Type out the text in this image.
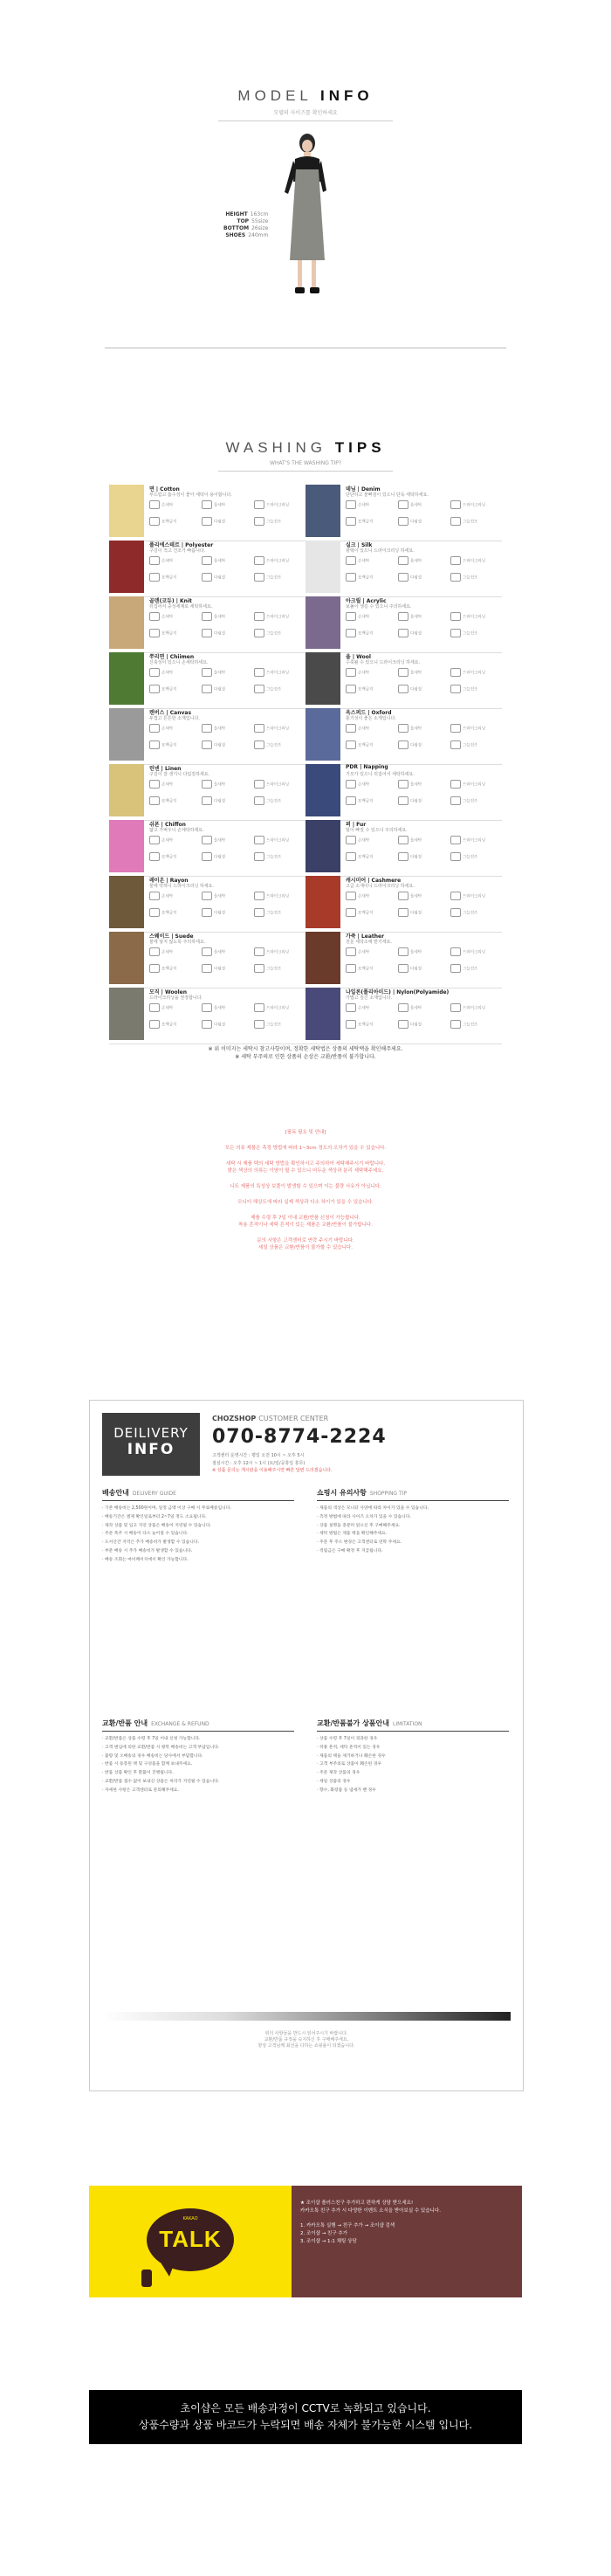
MODEL INFO
모델의 사이즈를 확인하세요
HEIGHT 163cm
TOP 55size
BOTTOM 26size
SHOES 240mm
WASHING TIPS
WHAT'S THE WASHING TIP?
면 | Cotton
부드럽고 흡수성이 좋아 세탁이 용이합니다.
손세탁	울세탁	드라이크리닝표백금지	다림질	그늘건조
데님 | Denim
단단하고 물빠짐이 있으니 단독 세탁하세요.
손세탁	울세탁	드라이크리닝표백금지	다림질	그늘건조
폴리에스테르 | Polyester
구김이 적고 건조가 빠릅니다.
손세탁	울세탁	드라이크리닝표백금지	다림질	그늘건조
실크 | Silk
광택이 있으니 드라이크리닝 하세요.
손세탁	울세탁	드라이크리닝표백금지	다림질	그늘건조
골덴(코듀) | Knit
뒤집어서 중성세제로 세탁하세요.
손세탁	울세탁	드라이크리닝표백금지	다림질	그늘건조
아크릴 | Acrylic
보풀이 생길 수 있으니 주의하세요.
손세탁	울세탁	드라이크리닝표백금지	다림질	그늘건조
쭈리면 | Chiimen
신축성이 있으니 손세탁하세요.
손세탁	울세탁	드라이크리닝표백금지	다림질	그늘건조
울 | Wool
수축될 수 있으니 드라이크리닝 하세요.
손세탁	울세탁	드라이크리닝표백금지	다림질	그늘건조
캔버스 | Canvas
두껍고 튼튼한 소재입니다.
손세탁	울세탁	드라이크리닝표백금지	다림질	그늘건조
옥스퍼드 | Oxford
통기성이 좋은 소재입니다.
손세탁	울세탁	드라이크리닝표백금지	다림질	그늘건조
린넨 | Linen
구김이 잘 생기니 다림질하세요.
손세탁	울세탁	드라이크리닝표백금지	다림질	그늘건조
PDR | Napping
기모가 있으니 뒤집어서 세탁하세요.
손세탁	울세탁	드라이크리닝표백금지	다림질	그늘건조
쉬폰 | Chiffon
얇고 가벼우니 손세탁하세요.
손세탁	울세탁	드라이크리닝표백금지	다림질	그늘건조
퍼 | Fur
털이 빠질 수 있으니 주의하세요.
손세탁	울세탁	드라이크리닝표백금지	다림질	그늘건조
레이온 | Rayon
물에 약하니 드라이크리닝 하세요.
손세탁	울세탁	드라이크리닝표백금지	다림질	그늘건조
캐시미어 | Cashmere
고급 소재이니 드라이크리닝 하세요.
손세탁	울세탁	드라이크리닝표백금지	다림질	그늘건조
스웨이드 | Suede
물에 닿지 않도록 주의하세요.
손세탁	울세탁	드라이크리닝표백금지	다림질	그늘건조
가죽 | Leather
전문 세탁소에 맡기세요.
손세탁	울세탁	드라이크리닝표백금지	다림질	그늘건조
모직 | Woolen
드라이크리닝을 권장합니다.
손세탁	울세탁	드라이크리닝표백금지	다림질	그늘건조
나일론(폴리아미드) | Nylon(Polyamide)
가볍고 질긴 소재입니다.
손세탁	울세탁	드라이크리닝표백금지	다림질	그늘건조
※ 위 이미지는 세탁시 참고사항이며, 정확한 세탁법은 상품의 세탁택을 확인해주세요.
※ 세탁 부주의로 인한 상품의 손상은 교환/반품이 불가합니다.

[필독 필요 및 안내]

모든 의류 제품은 측정 방법에 따라 1~3cm 정도의 오차가 있을 수 있습니다.

세탁 시 제품 택의 세탁 방법을 확인하시고 주의하여 세탁해주시기 바랍니다.

밝은 색상의 의류는 이염이 될 수 있으니 어두운 색상과 분리 세탁해주세요.

니트 제품의 특성상 보풀이 발생할 수 있으며 이는 불량 사유가 아닙니다.

모니터 해상도에 따라 실제 색상과 다소 차이가 있을 수 있습니다.

제품 수령 후 7일 이내 교환/반품 신청이 가능합니다.

착용 흔적이나 세탁 흔적이 있는 제품은 교환/반품이 불가합니다.

문의 사항은 고객센터로 연락 주시기 바랍니다.

세일 상품은 교환/반품이 불가할 수 있습니다.

DEILIVERY
INFO
CHOZSHOP CUSTOMER CENTER
070-8774-2224
고객센터 운영시간 : 평일 오전 10시 ~ 오후 5시
점심시간 : 오후 12시 ~ 1시 (토/일/공휴일 휴무)
※ 상품 문의는 게시판을 이용해주시면 빠른 답변 드리겠습니다.
배송안내 DELIVERY GUIDE

· 기본 배송비는 2,500원이며, 일정 금액 이상 구매 시 무료배송입니다.

· 배송기간은 결제 확인일로부터 2~7일 정도 소요됩니다.

· 제작 상품 및 입고 지연 상품은 배송이 지연될 수 있습니다.

· 주문 폭주 시 배송이 다소 늦어질 수 있습니다.

· 도서산간 지역은 추가 배송비가 발생할 수 있습니다.

· 부분 배송 시 추가 배송비가 발생할 수 있습니다.

· 배송 조회는 마이페이지에서 확인 가능합니다.

쇼핑시 유의사항 SHOPPING TIP

· 제품의 색상은 모니터 사양에 따라 차이가 있을 수 있습니다.

· 측정 방법에 따라 사이즈 오차가 있을 수 있습니다.

· 상품 설명을 충분히 읽으신 후 구매해주세요.

· 세탁 방법은 제품 택을 확인해주세요.

· 주문 후 주소 변경은 고객센터로 연락 주세요.

· 적립금은 구매 확정 후 지급됩니다.

교환/반품 안내 EXCHANGE & REFUND

· 교환/반품은 상품 수령 후 7일 이내 신청 가능합니다.

· 고객 변심에 의한 교환/반품 시 왕복 배송비는 고객 부담입니다.

· 불량 및 오배송의 경우 배송비는 당사에서 부담합니다.

· 반품 시 동봉된 택 및 구성품을 함께 보내주세요.

· 반품 상품 확인 후 환불이 진행됩니다.

· 교환/반품 접수 없이 보내신 상품은 처리가 지연될 수 있습니다.

· 자세한 사항은 고객센터로 문의해주세요.

교환/반품불가 상품안내 LIMITATION

· 상품 수령 후 7일이 경과한 경우

· 착용 흔적, 세탁 흔적이 있는 경우

· 제품의 택을 제거하거나 훼손한 경우

· 고객 부주의로 상품이 훼손된 경우

· 주문 제작 상품의 경우

· 세일 상품의 경우

· 향수, 화장품 등 냄새가 밴 경우

위의 사항들을 반드시 읽어주시기 바랍니다.
교환/반품 규정을 숙지하신 후 구매해주세요.
항상 고객님께 최선을 다하는 쇼핑몰이 되겠습니다.
KAKAO
TALK

★ 조이샵 플러스친구 추가하고 편하게 상담 받으세요!

카카오톡 친구 추가 시 다양한 이벤트 소식을 받아보실 수 있습니다.

1. 카카오톡 실행 → 친구 추가 → 조이샵 검색

2. 조이샵 → 친구 추가

3. 조이샵 → 1:1 채팅 상담

초이샵은 모든 배송과정이 CCTV로 녹화되고 있습니다.
상품수량과 상품 바코드가 누락되면 배송 자체가 불가능한 시스템 입니다.
